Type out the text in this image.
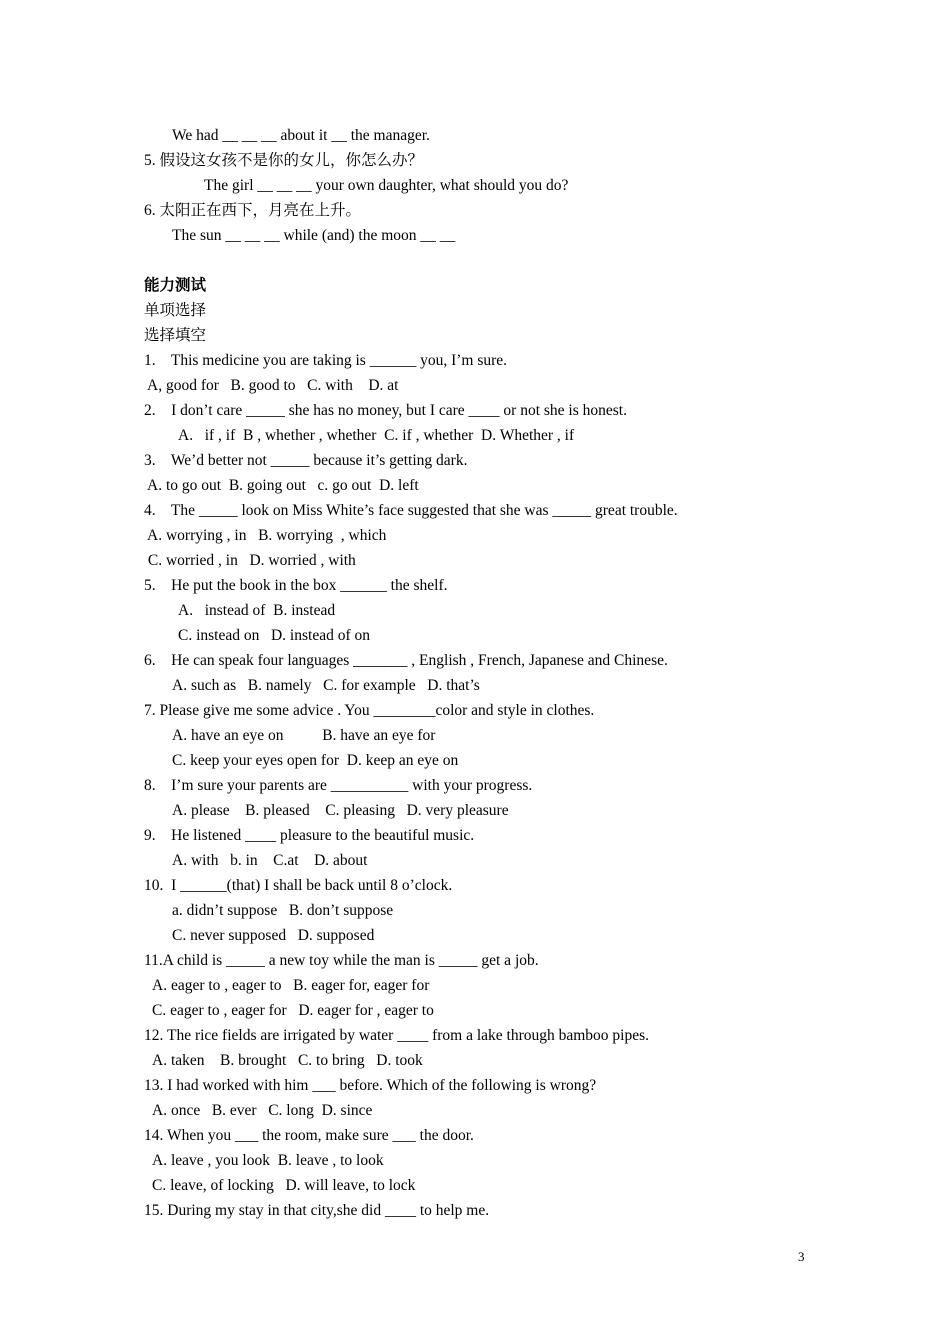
We had __ __ __ about it __ the manager.
5. 假设这女孩不是你的女儿，你怎么办？
The girl __ __ __ your own daughter, what should you do?
6. 太阳正在西下，月亮在上升。
The sun __ __ __ while (and) the moon __ __
能力测试
单项选择
选择填空
1.    This medicine you are taking is ______ you, I’m sure.
A, good for   B. good to   C. with    D. at
2.    I don’t care _____ she has no money, but I care ____ or not she is honest.
A.   if , if  B , whether , whether  C. if , whether  D. Whether , if
3.    We’d better not _____ because it’s getting dark.
A. to go out  B. going out   c. go out  D. left
4.    The _____ look on Miss White’s face suggested that she was _____ great trouble.
A. worrying , in   B. worrying  , which
C. worried , in   D. worried , with
5.    He put the book in the box ______ the shelf.
A.   instead of  B. instead
C. instead on   D. instead of on
6.    He can speak four languages _______ , English , French, Japanese and Chinese.
A. such as   B. namely   C. for example   D. that’s
7. Please give me some advice . You ________color and style in clothes.
A. have an eye on          B. have an eye for
C. keep your eyes open for  D. keep an eye on
8.    I’m sure your parents are __________ with your progress.
A. please    B. pleased    C. pleasing   D. very pleasure
9.    He listened ____ pleasure to the beautiful music.
A. with   b. in    C.at    D. about
10.  I ______(that) I shall be back until 8 o’clock.
a. didn’t suppose   B. don’t suppose
C. never supposed   D. supposed
11.A child is _____ a new toy while the man is _____ get a job.
A. eager to , eager to   B. eager for, eager for
C. eager to , eager for   D. eager for , eager to
12. The rice fields are irrigated by water ____ from a lake through bamboo pipes.
A. taken    B. brought   C. to bring   D. took
13. I had worked with him ___ before. Which of the following is wrong?
A. once   B. ever   C. long  D. since
14. When you ___ the room, make sure ___ the door.
A. leave , you look  B. leave , to look
C. leave, of locking   D. will leave, to lock
15. During my stay in that city,she did ____ to help me.
3
